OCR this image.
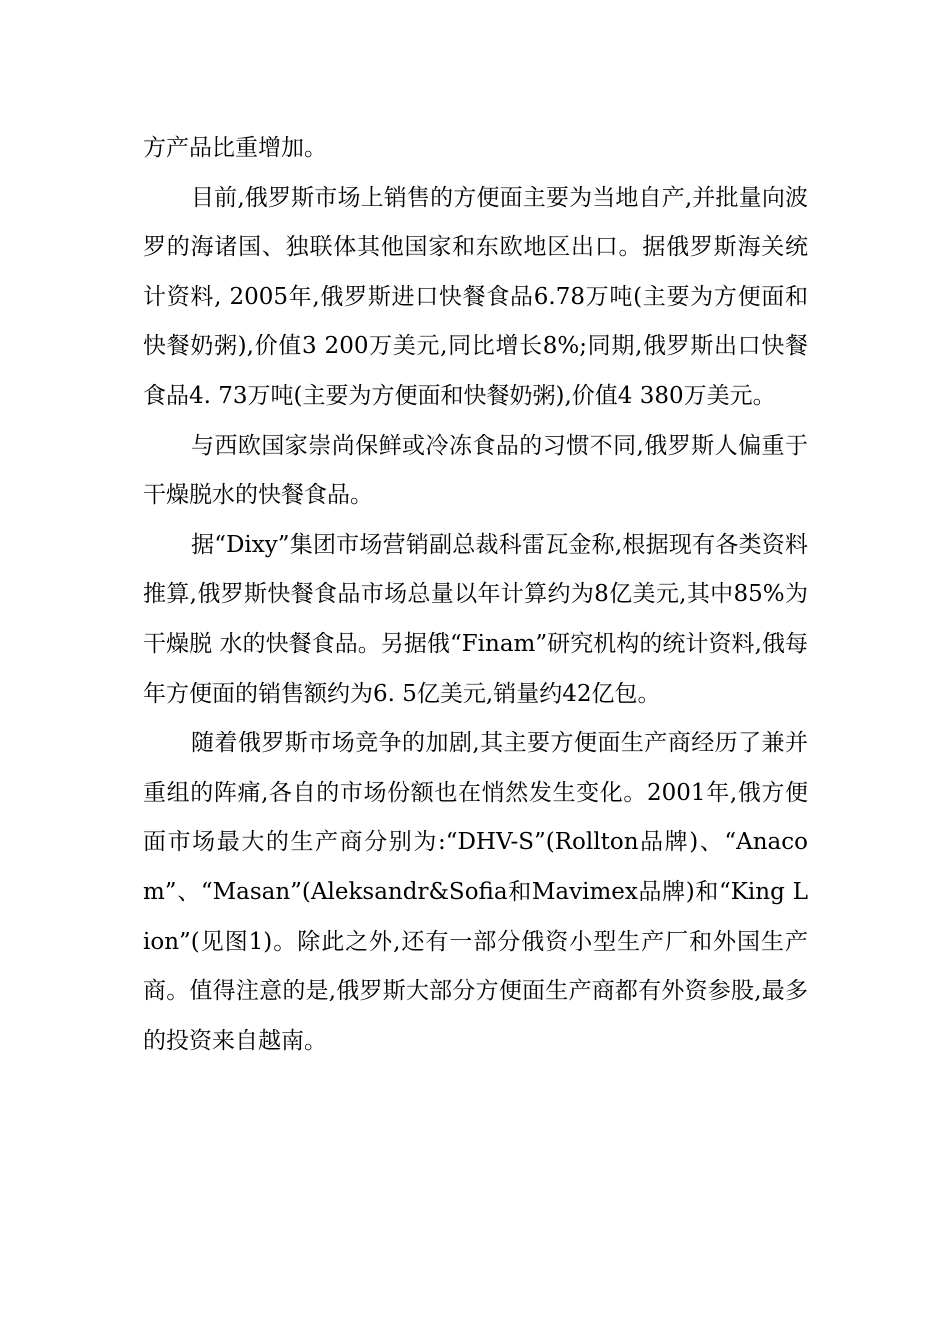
方产品比重增加。

目前,俄罗斯市场上销售的方便面主要为当地自产,并批量向波罗的海诸国、独联体其他国家和东欧地区出口。据俄罗斯海关统计资料, 2005年,俄罗斯进口快餐食品6.78万吨(主要为方便面和快餐奶粥),价值3 200万美元,同比增长8%;同期,俄罗斯出口快餐食品4. 73万吨(主要为方便面和快餐奶粥),价值4 380万美元。

与西欧国家崇尚保鲜或冷冻食品的习惯不同,俄罗斯人偏重于干燥脱水的快餐食品。

据“Dixy”集团市场营销副总裁科雷瓦金称,根据现有各类资料推算,俄罗斯快餐食品市场总量以年计算约为8亿美元,其中85%为干燥脱 水的快餐食品。另据俄“Finam”研究机构的统计资料,俄每年方便面的销售额约为6. 5亿美元,销量约42亿包。

随着俄罗斯市场竞争的加剧,其主要方便面生产商经历了兼并重组的阵痛,各自的市场份额也在悄然发生变化。2001年,俄方便面市场最大的生产商分别为:“DHV-S”(Rollton品牌)、“Anacom”、“Masan”(Aleksandr&Sofia和Mavimex品牌)和“King Lion”(见图1)。除此之外,还有一部分俄资小型生产厂和外国生产商。值得注意的是,俄罗斯大部分方便面生产商都有外资参股,最多的投资来自越南。
